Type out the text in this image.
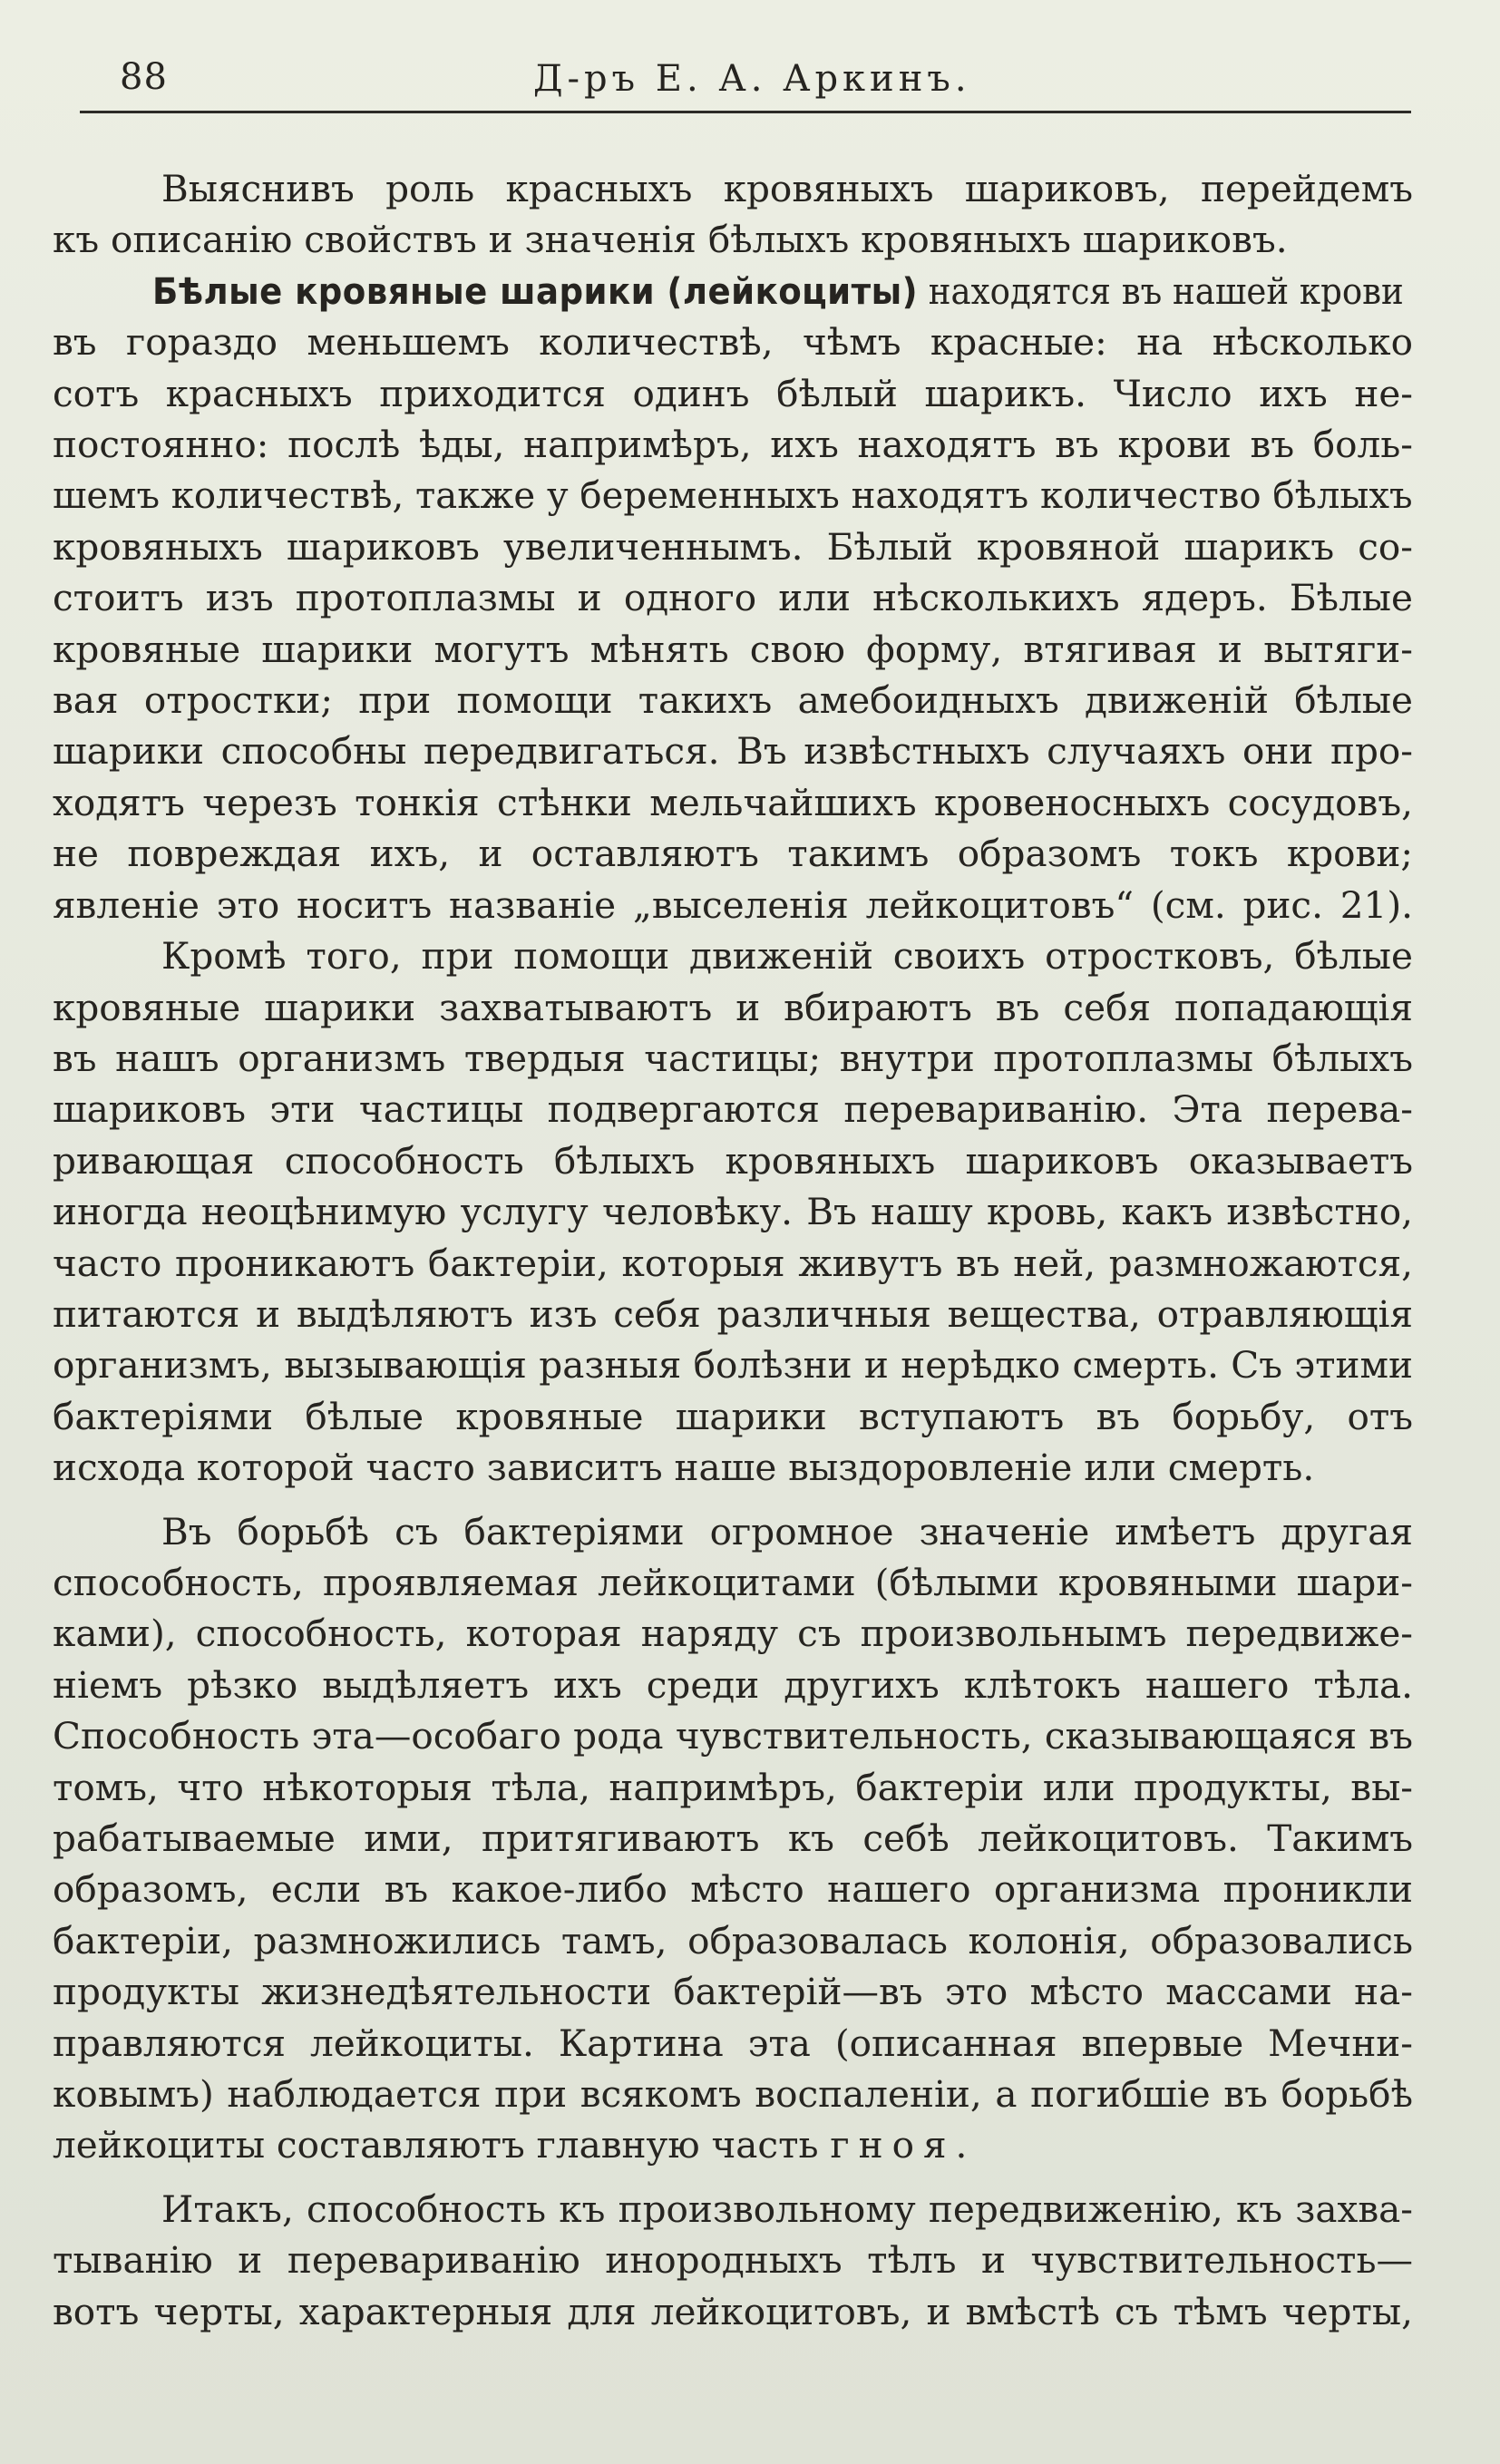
88	Д-ръ Е. А. Аркинъ.

Выяснивъ роль красныхъ кровяныхъ шариковъ, перейдемъ
къ описанію свойствъ и значенія бѣлыхъ кровяныхъ шариковъ.

Бѣлые кровяные шарики (лейкоциты) находятся въ нашей крови
въ гораздо меньшемъ количествѣ, чѣмъ красные: на нѣсколько
сотъ красныхъ приходится одинъ бѣлый шарикъ. Число ихъ не-
постоянно: послѣ ѣды, напримѣръ, ихъ находятъ въ крови въ боль-
шемъ количествѣ, также у беременныхъ находятъ количество бѣлыхъ
кровяныхъ шариковъ увеличеннымъ. Бѣлый кровяной шарикъ со-
стоитъ изъ протоплазмы и одного или нѣсколькихъ ядеръ. Бѣлые
кровяные шарики могутъ мѣнять свою форму, втягивая и вытяги-
вая отростки; при помощи такихъ амебоидныхъ движеній бѣлые
шарики способны передвигаться. Въ извѣстныхъ случаяхъ они про-
ходятъ черезъ тонкія стѣнки мельчайшихъ кровеносныхъ сосудовъ,
не повреждая ихъ, и оставляютъ такимъ образомъ токъ крови;
явленіе это носитъ названіе „выселенія лейкоцитовъ“ (см. рис. 21).

Кромѣ того, при помощи движеній своихъ отростковъ, бѣлые
кровяные шарики захватываютъ и вбираютъ въ себя попадающія
въ нашъ организмъ твердыя частицы; внутри протоплазмы бѣлыхъ
шариковъ эти частицы подвергаются перевариванію. Эта перева-
ривающая способность бѣлыхъ кровяныхъ шариковъ оказываетъ
иногда неоцѣнимую услугу человѣку. Въ нашу кровь, какъ извѣстно,
часто проникаютъ бактеріи, которыя живутъ въ ней, размножаются,
питаются и выдѣляютъ изъ себя различныя вещества, отравляющія
организмъ, вызывающія разныя болѣзни и нерѣдко смерть. Съ этими
бактеріями бѣлые кровяные шарики вступаютъ въ борьбу, отъ
исхода которой часто зависитъ наше выздоровленіе или смерть.

Въ борьбѣ съ бактеріями огромное значеніе имѣетъ другая
способность, проявляемая лейкоцитами (бѣлыми кровяными шари-
ками), способность, которая наряду съ произвольнымъ передвиже-
ніемъ рѣзко выдѣляетъ ихъ среди другихъ клѣтокъ нашего тѣла.
Способность эта—особаго рода чувствительность, сказывающаяся въ
томъ, что нѣкоторыя тѣла, напримѣръ, бактеріи или продукты, вы-
рабатываемые ими, притягиваютъ къ себѣ лейкоцитовъ. Такимъ
образомъ, если въ какое-либо мѣсто нашего организма проникли
бактеріи, размножились тамъ, образовалась колонія, образовались
продукты жизнедѣятельности бактерій—въ это мѣсто массами на-
правляются лейкоциты. Картина эта (описанная впервые Мечни-
ковымъ) наблюдается при всякомъ воспаленіи, а погибшіе въ борьбѣ
лейкоциты составляютъ главную часть гноя.

Итакъ, способность къ произвольному передвиженію, къ захва-
тыванію и перевариванію инородныхъ тѣлъ и чувствительность—
вотъ черты, характерныя для лейкоцитовъ, и вмѣстѣ съ тѣмъ черты,
